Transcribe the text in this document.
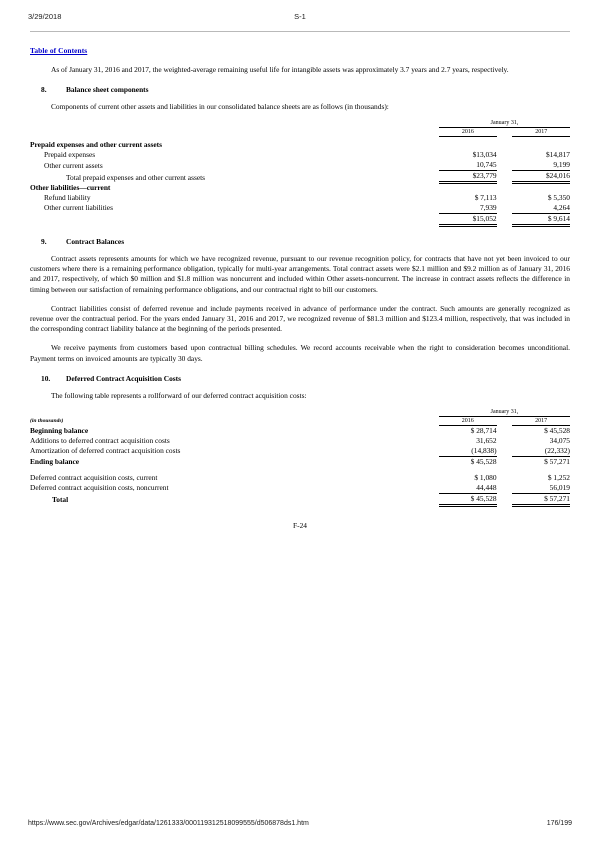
3/29/2018	S-1
Table of Contents

As of January 31, 2016 and 2017, the weighted-average remaining useful life for intangible assets was approximately 3.7 years and 2.7 years, respectively.

8.	Balance sheet components

Components of current other assets and liabilities in our consolidated balance sheets are as follows (in thousands):

		January 31,		
		2016		2017

Prepaid expenses and other current assets				
Prepaid expenses		$13,034		$14,817
Other current assets		10,745		9,199
Total prepaid expenses and other current assets		$23,779		$24,016
Other liabilities—current				
Refund liability		$ 7,113		$ 5,350
Other current liabilities		7,939		4,264
		$15,052		$ 9,614
9.	Contract Balances

Contract assets represents amounts for which we have recognized revenue, pursuant to our revenue recognition policy, for contracts that have not yet been invoiced to our customers where there is a remaining performance obligation, typically for multi-year arrangements. Total contract assets were $2.1 million and $9.2 million as of January 31, 2016 and 2017, respectively, of which $0 million and $1.8 million was noncurrent and included within Other assets-noncurrent. The increase in contract assets reflects the difference in timing between our satisfaction of remaining performance obligations, and our contractual right to bill our customers.

Contract liabilities consist of deferred revenue and include payments received in advance of performance under the contract. Such amounts are generally recognized as revenue over the contractual period. For the years ended January 31, 2016 and 2017, we recognized revenue of $81.3 million and $123.4 million, respectively, that was included in the corresponding contract liability balance at the beginning of the periods presented.

We receive payments from customers based upon contractual billing schedules. We record accounts receivable when the right to consideration becomes unconditional. Payment terms on invoiced amounts are typically 30 days.

10. Deferred Contract Acquisition Costs

The following table represents a rollforward of our deferred contract acquisition costs:

		January 31,		
(in thousands)		2016		2017
Beginning balance		$ 28,714		$ 45,528
Additions to deferred contract acquisition costs		31,652		34,075
Amortization of deferred contract acquisition costs		(14,838)		(22,332)
Ending balance		$ 45,528		$ 57,271

Deferred contract acquisition costs, current		$ 1,080		$ 1,252
Deferred contract acquisition costs, noncurrent		44,448		56,019
Total		$ 45,528		$ 57,271
F-24
https://www.sec.gov/Archives/edgar/data/1261333/000119312518099555/d506878ds1.htm	176/199
